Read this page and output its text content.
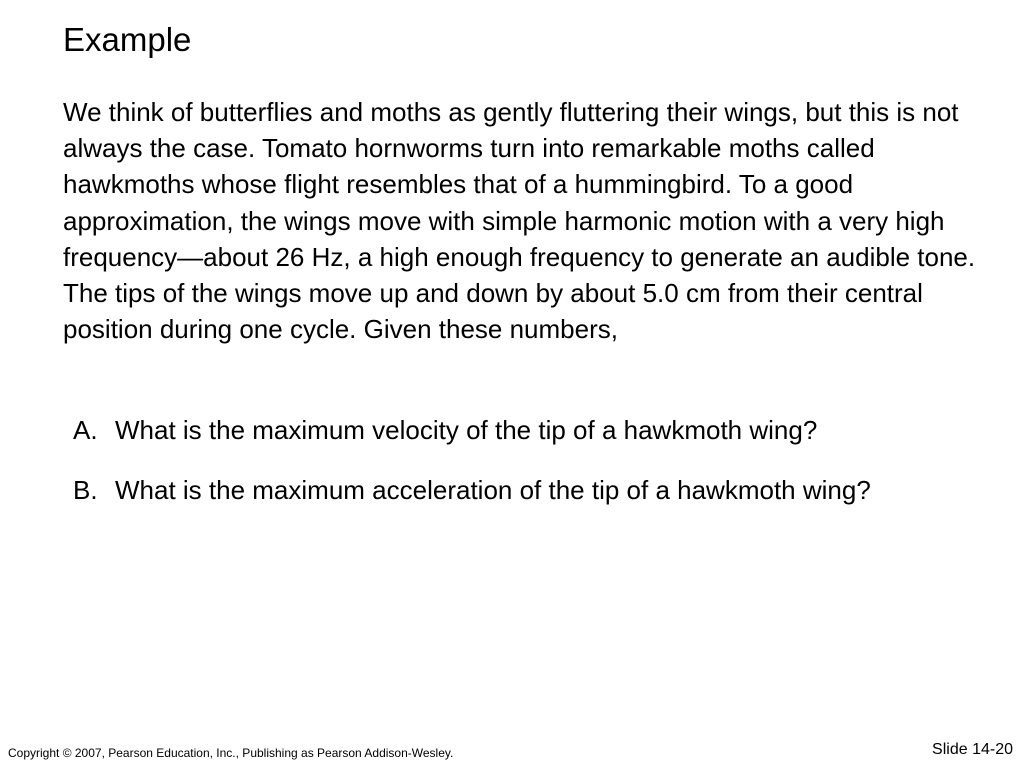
Example

We think of butterflies and moths as gently fluttering their wings, but this is not always the case. Tomato hornworms turn into remarkable moths called hawkmoths whose flight resembles that of a hummingbird. To a good approximation, the wings move with simple harmonic motion with a very high frequency—about 26 Hz, a high enough frequency to generate an audible tone. The tips of the wings move up and down by about 5.0 cm from their central position during one cycle. Given these numbers,

A. What is the maximum velocity of the tip of a hawkmoth wing?
B. What is the maximum acceleration of the tip of a hawkmoth wing?

Copyright © 2007, Pearson Education, Inc., Publishing as Pearson Addison-Wesley.	Slide 14-20
